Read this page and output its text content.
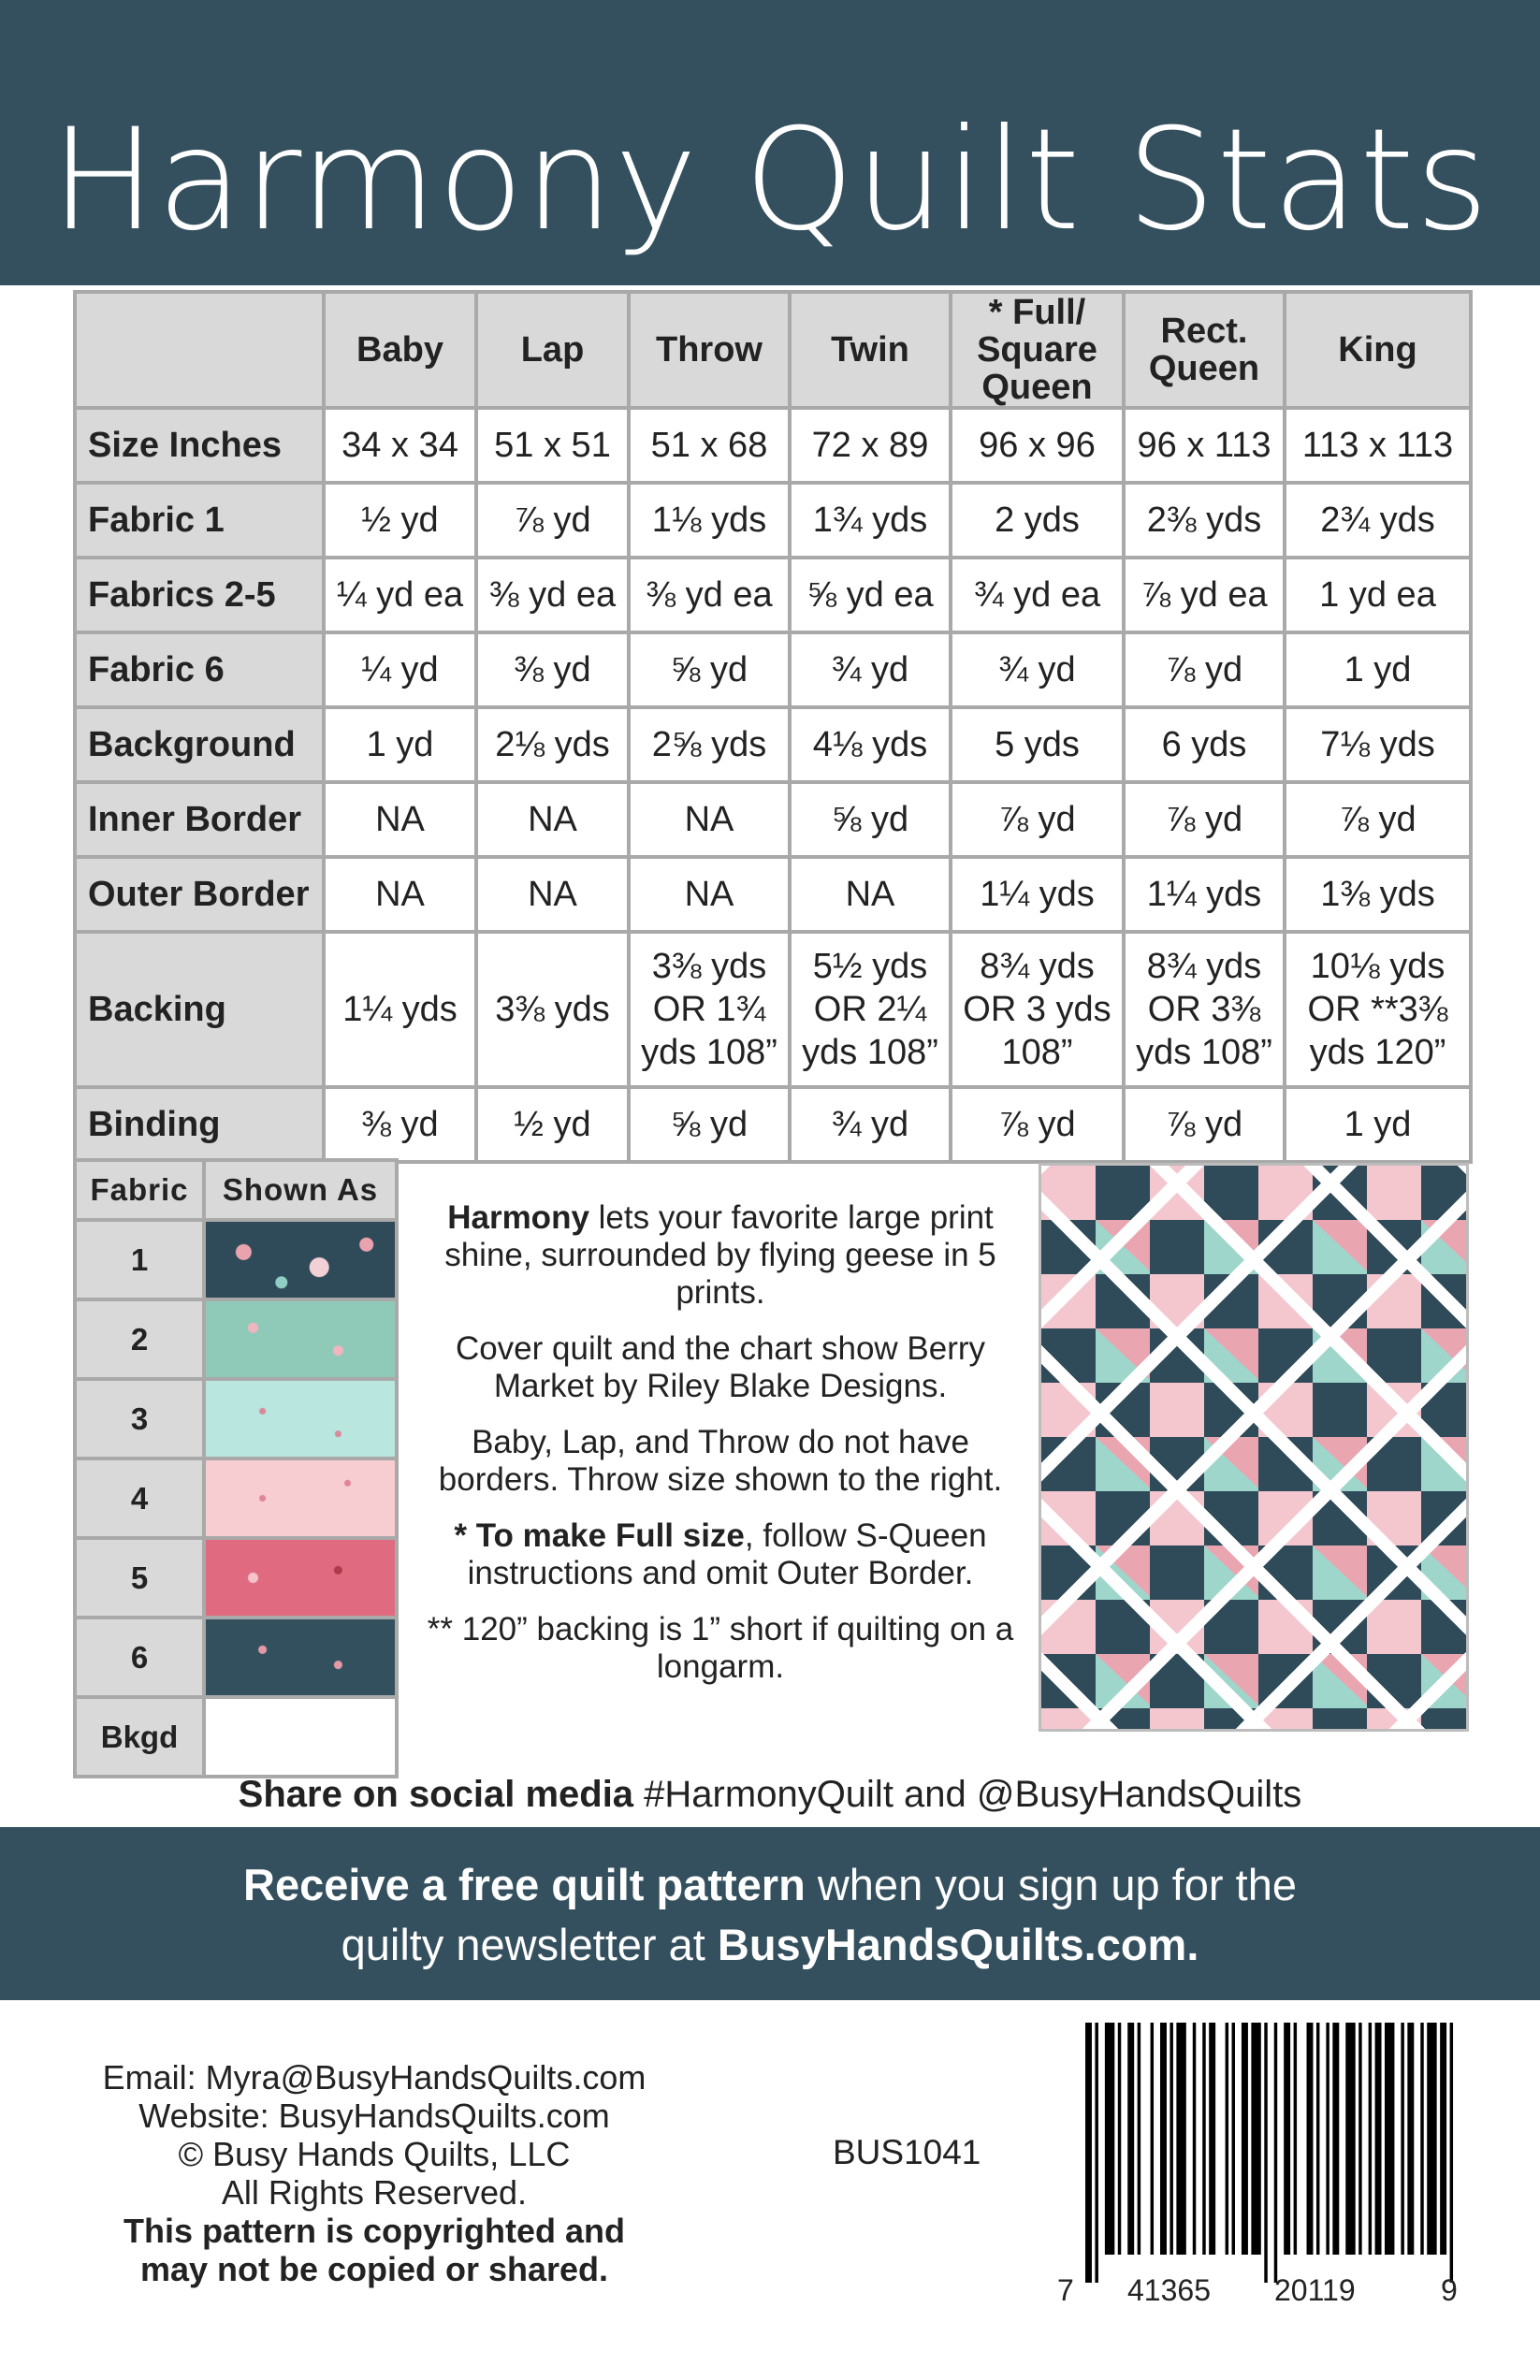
Harmony Quilt Stats
	Baby	Lap	Throw	Twin	* Full/ Square Queen	Rect. Queen	King
Size Inches	34 x 34	51 x 51	51 x 68	72 x 89	96 x 96	96 x 113	113 x 113
Fabric 1	½ yd	⅞ yd	1⅛ yds	1¾ yds	2 yds	2⅜ yds	2¾ yds
Fabrics 2-5	¼ yd ea	⅜ yd ea	⅜ yd ea	⅝ yd ea	¾ yd ea	⅞ yd ea	1 yd ea
Fabric 6	¼ yd	⅜ yd	⅝ yd	¾ yd	¾ yd	⅞ yd	1 yd
Background	1 yd	2⅛ yds	2⅝ yds	4⅛ yds	5 yds	6 yds	7⅛ yds
Inner Border	NA	NA	NA	⅝ yd	⅞ yd	⅞ yd	⅞ yd
Outer Border	NA	NA	NA	NA	1¼ yds	1¼ yds	1⅜ yds
Backing	1¼ yds	3⅜ yds	3⅜ yds OR 1¾ yds 108”	5½ yds OR 2¼ yds 108”	8¾ yds OR 3 yds 108”	8¾ yds OR 3⅜ yds 108”	10⅛ yds OR **3⅜ yds 120”
Binding	⅜ yd	½ yd	⅝ yd	¾ yd	⅞ yd	⅞ yd	1 yd
Fabric	Shown As
1	

2	

3	

4	

5	

6	

Bkgd	

Harmony lets your favorite large print shine, surrounded by flying geese in 5 prints.

Cover quilt and the chart show Berry Market by Riley Blake Designs.

Baby, Lap, and Throw do not have borders. Throw size shown to the right.

* To make Full size, follow S-Queen instructions and omit Outer Border.

** 120” backing is 1” short if quilting on a longarm.

Share on social media #HarmonyQuilt and @BusyHandsQuilts
Receive a free quilt pattern when you sign up for the
quilty newsletter at BusyHandsQuilts.com.
Email: Myra@BusyHandsQuilts.com
Website: BusyHandsQuilts.com
© Busy Hands Quilts, LLC
All Rights Reserved.
This pattern is copyrighted and
may not be copied or shared.
BUS1041
7 41365 20119	9
